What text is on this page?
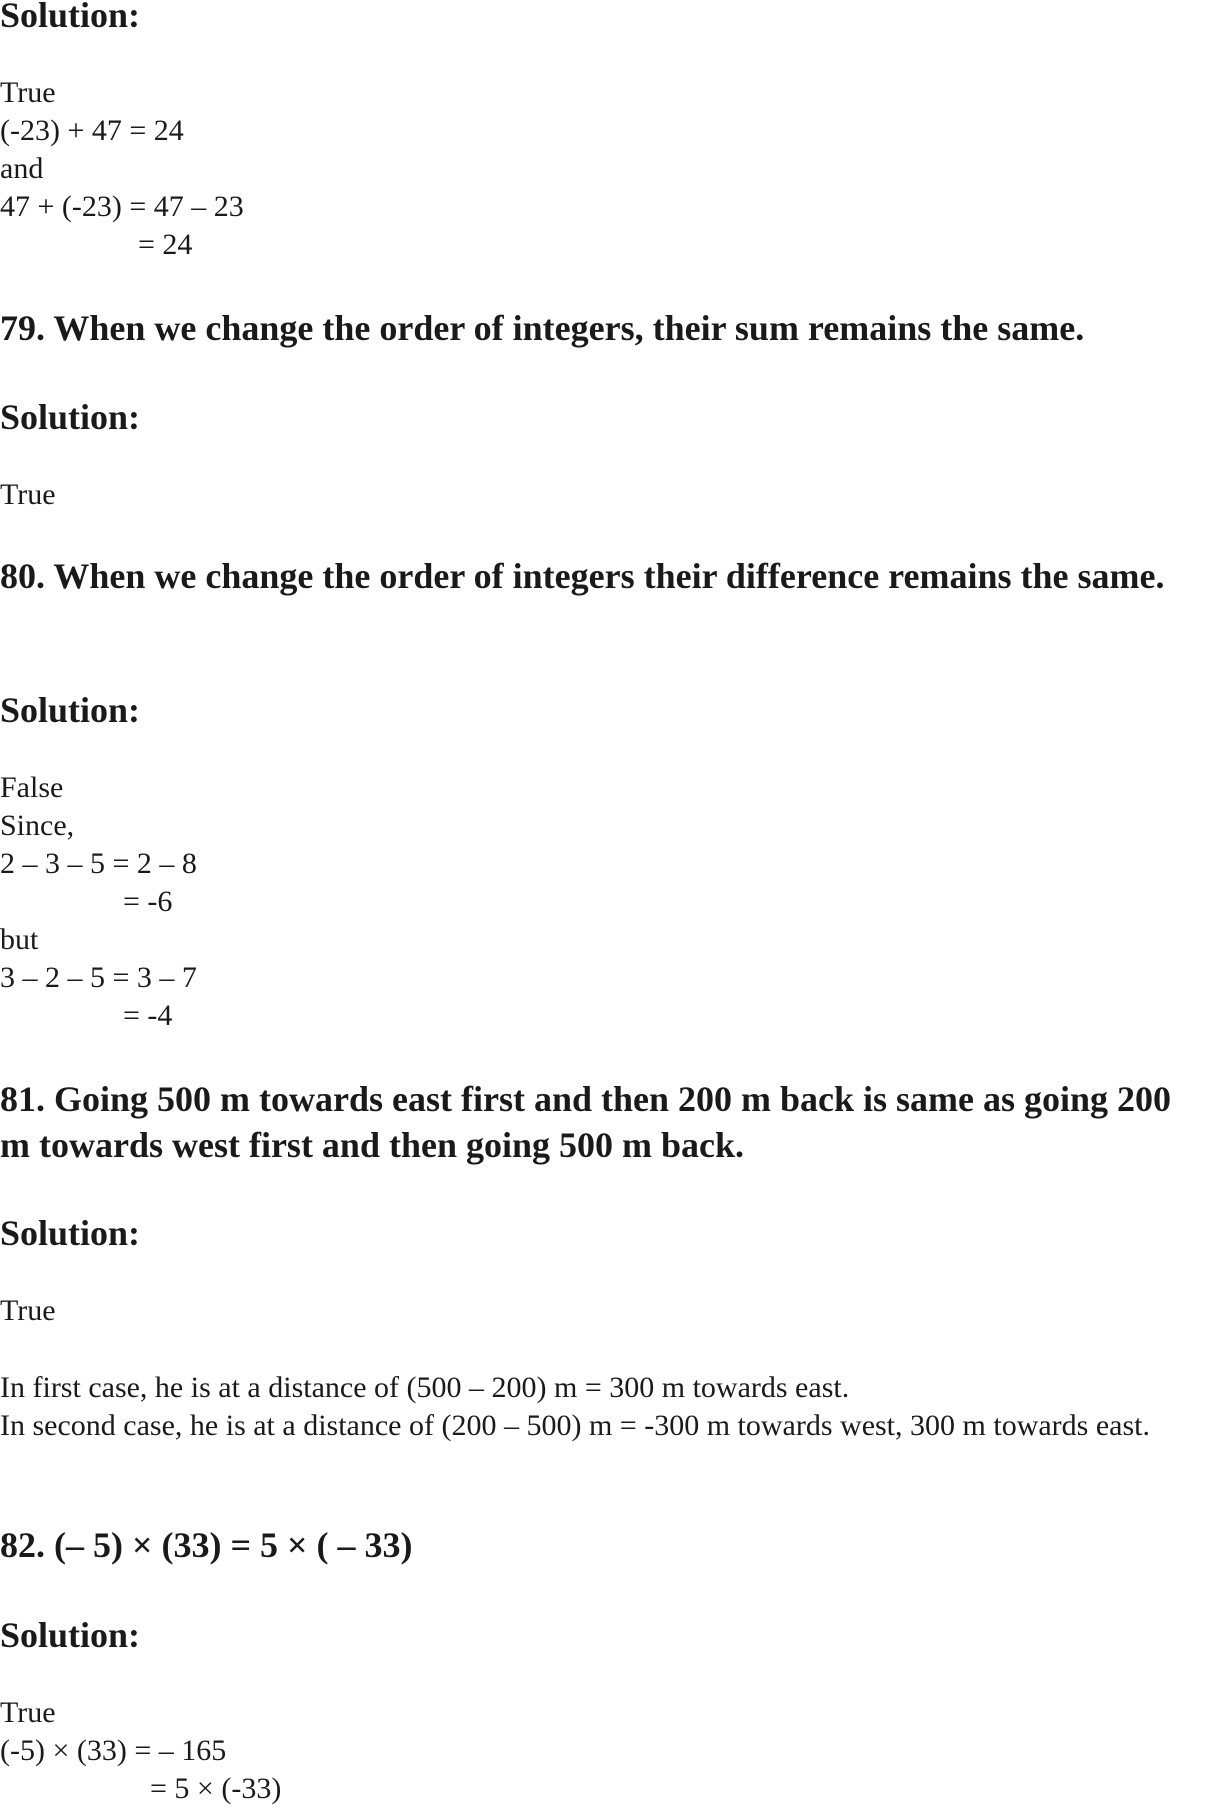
Solution:
True
(-23) + 47 = 24
and
47 + (-23) = 47 – 23
= 24
79. When we change the order of integers, their sum remains the same.
Solution:
True
80. When we change the order of integers their difference remains the same.
Solution:
False
Since,
2 – 3 – 5 = 2 – 8
= -6
but
3 – 2 – 5 = 3 – 7
= -4
81. Going 500 m towards east first and then 200 m back is same as going 200 m towards west first and then going 500 m back.
Solution:
True
In first case, he is at a distance of (500 – 200) m = 300 m towards east.
In second case, he is at a distance of (200 – 500) m = -300 m towards west, 300 m towards east.
82. (– 5) × (33) = 5 × ( – 33)
Solution:
True
(-5) × (33) = – 165
= 5 × (-33)
